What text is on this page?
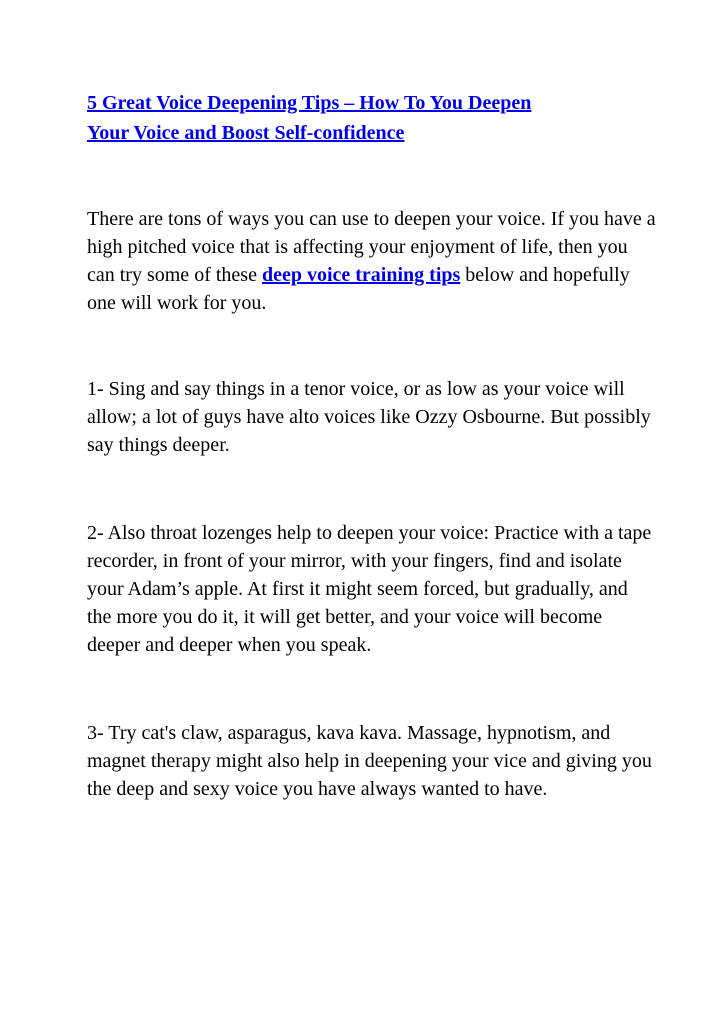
5 Great Voice Deepening Tips – How To You Deepen
Your Voice and Boost Self-confidence

There are tons of ways you can use to deepen your voice. If you have a high pitched voice that is affecting your enjoyment of life, then you can try some of these deep voice training tips below and hopefully one will work for you.

1- Sing and say things in a tenor voice, or as low as your voice will allow; a lot of guys have alto voices like Ozzy Osbourne. But possibly say things deeper.

2- Also throat lozenges help to deepen your voice: Practice with a tape recorder, in front of your mirror, with your fingers, find and isolate your Adam’s apple. At first it might seem forced, but gradually, and the more you do it, it will get better, and your voice will become deeper and deeper when you speak.

3- Try cat's claw, asparagus, kava kava. Massage, hypnotism, and magnet therapy might also help in deepening your vice and giving you the deep and sexy voice you have always wanted to have.
